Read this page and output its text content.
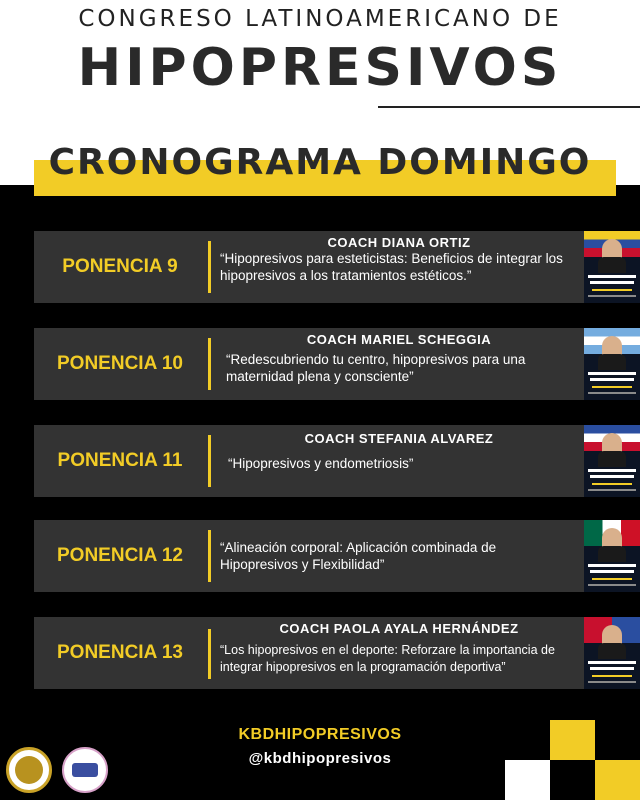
CONGRESO LATINOAMERICANO DE
HIPOPRESIVOS
CRONOGRAMA DOMINGO
PONENCIA 9
COACH DIANA ORTIZ
“Hipopresivos para esteticistas: Beneficios de integrar los hipopresivos a los tratamientos estéticos.”
PONENCIA 10
COACH MARIEL SCHEGGIA
“Redescubriendo tu centro, hipopresivos para una maternidad plena y consciente”
PONENCIA 11
COACH STEFANIA ALVAREZ
“Hipopresivos y endometriosis”
PONENCIA 12	“Alineación corporal: Aplicación combinada de Hipopresivos y Flexibilidad”
PONENCIA 13
COACH PAOLA AYALA HERNÁNDEZ
“Los hipopresivos en el deporte: Reforzare la importancia de integrar hipopresivos en la programación deportiva”
KBDHIPOPRESIVOS
@kbdhipopresivos
